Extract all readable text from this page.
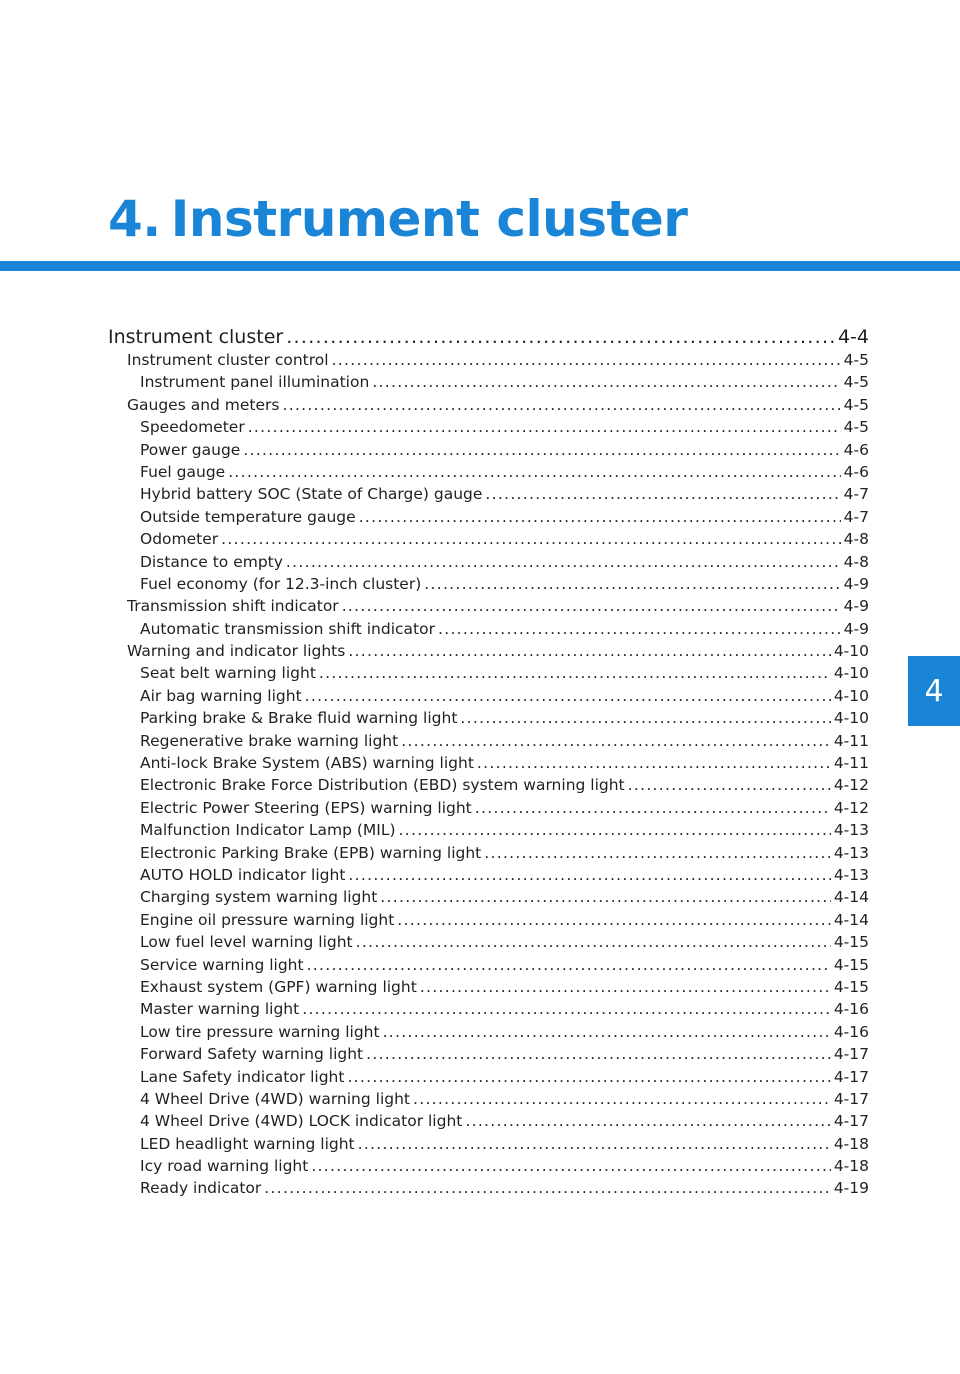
4. Instrument cluster
4
Instrument cluster .....	4-4
Instrument cluster control .....	4-5
Instrument panel illumination .....	4-5
Gauges and meters .....	4-5
Speedometer .....	4-5
Power gauge .....	4-6
Fuel gauge .....	4-6
Hybrid battery SOC (State of Charge) gauge .....	4-7
Outside temperature gauge .....	4-7
Odometer .....	4-8
Distance to empty .....	4-8
Fuel economy (for 12.3-inch cluster) .....	4-9
Transmission shift indicator .....	4-9
Automatic transmission shift indicator .....	4-9
Warning and indicator lights .....	4-10
Seat belt warning light .....	4-10
Air bag warning light .....	4-10
Parking brake & Brake fluid warning light .....	4-10
Regenerative brake warning light .....	4-11
Anti-lock Brake System (ABS) warning light .....	4-11
Electronic Brake Force Distribution (EBD) system warning light .....	4-12
Electric Power Steering (EPS) warning light .....	4-12
Malfunction Indicator Lamp (MIL) .....	4-13
Electronic Parking Brake (EPB) warning light .....	4-13
AUTO HOLD indicator light .....	4-13
Charging system warning light .....	4-14
Engine oil pressure warning light .....	4-14
Low fuel level warning light .....	4-15
Service warning light .....	4-15
Exhaust system (GPF) warning light .....	4-15
Master warning light .....	4-16
Low tire pressure warning light .....	4-16
Forward Safety warning light .....	4-17
Lane Safety indicator light .....	4-17
4 Wheel Drive (4WD) warning light .....	4-17
4 Wheel Drive (4WD) LOCK indicator light .....	4-17
LED headlight warning light .....	4-18
Icy road warning light .....	4-18
Ready indicator .....	4-19
